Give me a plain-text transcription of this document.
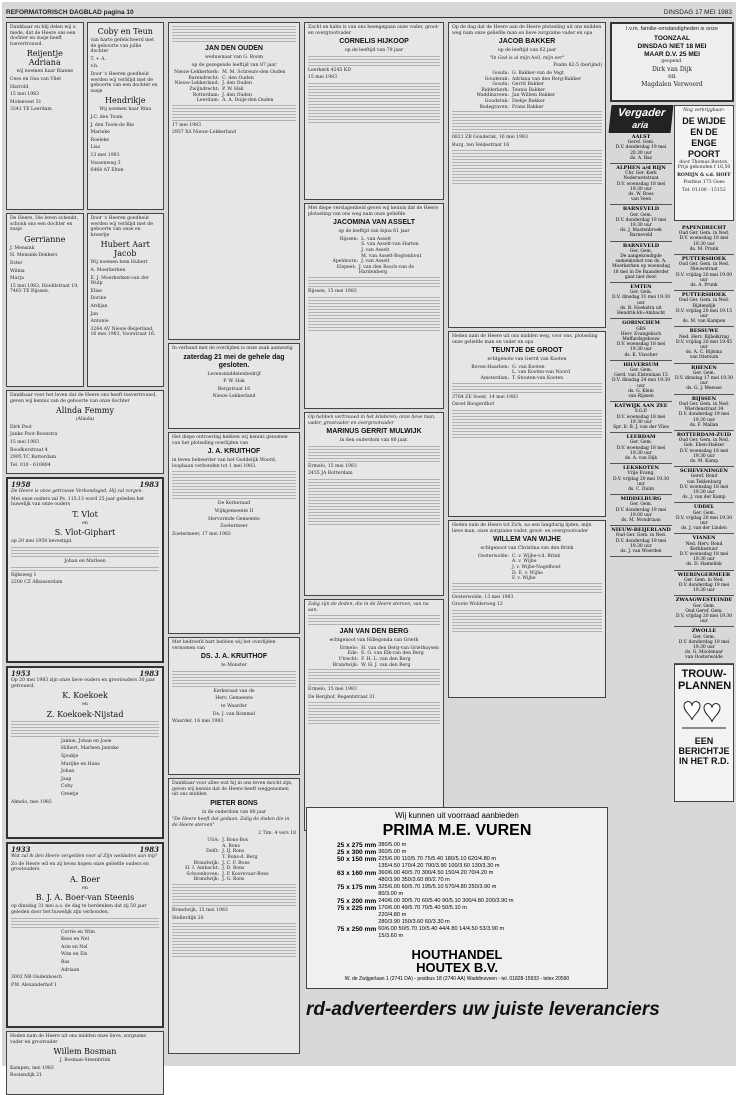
REFORMATORISCH DAGBLAD pagina 10	DINSDAG 17 MEI 1983

Dankbaar en blij delen wij u mede, dat de Heere ons een dochter en zusje heeft toevertrouwd.

Reijentje Adriana

wij noemen haar Rianne

Cees en Gea van Vliet

Harrold

15 mei 1983

Molenvest 31

3341 TE Leerdam

Coby en Teun

van harte gefeliciteerd met de geboorte van jullie dochter

T. + A.

v.h.

Door 's Heeren goedheid werden wij verblijd met de geboorte van een dochter en zusje

Hendrikje

Wij noemen haar Rina

J.C. den Toom

J. den Toom-de Bie

Marieke

Roeleke

Lisa

13 mei 1983

Vossenweg 3

6468 AT Elten

De Heere, Die leven schenkt, schonk ons een dochter en zusje

Gerrianne

J. Mensink

H. Mensink-Dekkers

Ester

Wilma

Marja

15 mei 1983, Hoofdstraat 19, 7463 TE Rijssen.

Door 's Heeren goedheid werden wij verblijd met de geboorte van onze en broertje

Hubert Aart Jacob

Wij noemen hem Hubert

A. Moerkerken

E. J. Moerkerken-van der Wulp

Elise

Dorine

Ardijan

Jan

Antonie

3264 AV Nieuw-Beijerland, 16 mei 1983, Voorstraat 16.

Dankbaar voor het leven dat de Heere ons heeft toevertrouwd, geven wij kennis van de geboorte van onze dochter

Alinda Femmy

(Alinda)

Dirk Poot

Janke Poot-Boonstra

15 mei 1983

Roodkerstraat 4

2995 TC Rotterdam

Tel. 010 - 610804

1958	1983

De Heere is onze getrouwe Verbondsgod, Hij zal zorgen.

Met onze ouders zal Ps. 115:13 word 25 jaar geleden het huwelijk van onze ouders

T. Vlot
en
S. Vlot-Giphart

op 20 mei 1958 bevestigd.

Johan en Marleen

Rijksweg 1

2200 CZ Albasserdam

1953	1983

Op 20 mei 1983 zijn onze lieve ouders en grootouders 30 jaar getrouwd.

K. Koekoek
en
Z. Koekoek-Nijstad

Jaimie, Johan en Josie

Hilbert, Marleen Jantske

Sjoukje

Marijke en Hans

Johan

Jaap

Coby

Greetje

Almelo, mei 1983

1933	1983

Wat zal ik den Heere vergelden voor al Zijn weldaden aan mij?

Zo de Heere wil en zij leven hopen onze geliefde ouders en grootouders

A. Boer
en
B. J. A. Boer-van Steenis

op dinsdag 31 mei a.s. de dag te herdenken dat zij 50 jaar geleden door het huwelijk zijn verbonden.

Corrie en Wim

Kees en Nel

Arie en Nel

Wim en Els

Bas

Adriaan

3002 NB Oudenbosch

P.W. Alexanderhof 1

Heden nam de Heere uit ons midden onze lieve, zorgzame vader en grootvader

Willem Bosman

J. Bosman-Steenbrink

Kampen, mei 1983

Rooiendijk 21

JAN DEN OUDEN

weduwnaar van G. Boom

op de gezegende leeftijd van 87 jaar

Nieuw-Lekkerkerk: M. M. Schreurs-den Ouden
Barendrecht: C. den Ouden
Nieuw-Lekkerland: J. den Ouden
Zwijndrecht: P. W. Hak
Rotterdam: J. den Ouden
Leerdam: A. A. Duijs-den Ouden

17 mei 1983

2957 XA Nieuw-Lekkerland

In verband met de overlijden is onze zaak aanwezig

zaterdag 21 mei de gehele dag gesloten.

Levensmiddelenbedrijf

P. W. Hak

Bergstraat 16

Nieuw-Lekkerland

Het diepe ontroering hebben wij kennis genomen van het plotseling overlijden van

J. A. KRUITHOF

in leven beheerder van het Goddelijk Woord, loopbaan verbonden tot 1 mei 1983.

De Kerkeraad

Wijkgemeente II

Hervormde Gemeente

Zoetermeer

Zoetermeer, 17 mei 1983

Met bedroefd hart hebben wij het overlijden vernomen van

DS. J. A. KRUITHOF

te Monster

Kerkeraad van de

Herv. Gemeente

te Waarder

Ds. J. van Bommel

Waarder, 16 mei 1983

Dankbaar voor alles wat hij in ons leven mocht zijn, geven wij kennis dat de Heere heeft weggenomen uit ons midden

PIETER BONS

in de ouderdom van 80 jaar

"De Heere heeft dat gedaan. Zalig de doden die in de Heere sterven"

2 Tim. 4 vers 18

USA: J. Bons-Bos
A. Bons
Delft: J. IJ. Bons
T. Bons-d. Berg
Brandwijk: J. C. F. Bons
H. I. Ambacht: J. D. Bons
Schoonhoven: J. P. Koorevaar-Bons
Brandwijk: J. G. Bons

Brandwijk, 15 mei 1983

Stellerdijk 20

Zacht en kalm is van ons heengegaan onze vader, groot- en overgrootvader

CORNELIS HIJKOOP

op de leeftijd van 79 jaar

Leerkerk 4245 KD

15 mei 1983

Met diepe verslagenheid geven wij kennis dat de Heere plotseling van ons weg nam onze geliefde

JACOMINA VAN ASSELT

op de leeftijd van bijna 61 jaar

Rijssen: L. van Asselt
S. van Asselt-van Harten
J. van Asselt
M. van Asselt-Bogtenhout
Apeldoorn: J. van Asselt
Elspeet: J. van den Bosch-van de Hardenberg

Rijssen, 15 mei 1983

Op hebben vertrouwd in het kinderen; onze lieve man, vader, grootvader en overgrootvader

MARINUS GERRIT MULWIJK

in den ouderdom van 80 jaar.

Ermelo, 15 mei 1983

2455 JA Rotterdam

Zalig zijn de doden, die in de Heere sterven, van nu aan.

JAN VAN DEN BERG

echtgenoot van Hillegonda van Grieth

Ermelo: H. van den Berg-van Griethuysen
Ede: E. G. van Elk-van den Berg
Utrecht: F. H. L. van den Berg
Brandwijk: W. H. J. van den Berg

Ermelo, 15 mei 1983

De Berghof, Regentstraat 31

Op de dag dat de Heere aan de Heere plotseling uit ons midden weg nam onze geliefde man en lieve zorgzame vader en opa

JACOB BAKKER

op de leeftijd van 62 jaar

"In God is al mijn heil, mijn eer"

Psalm 62:5 (berijmd)

Gouda: G. Bakker-van de Vegt
Gouderak: Adriana van den Berg-Bakker
Gouda: Gerrit Bakker
Ridderkerk: Teunis Bakker
Waddinxveen: Jan Willem Bakker
Gouderak: Diekje Bakker
Bodegraven: Frans Bakker

6821 ZB Gouderak, 16 mei 1983

Burg. ten Veldestraat 16

Heden nam de Heere uit ons midden weg, voor ons, plotseling onze geliefde man en vader en opa

TEUNTJE DE GROOT

echtgenote van Gerrit van Kooten

Boven-Haarlem: G. van Kooten
L. van Kooten-van Noord
Amsterdam: T. Stouten-van Kooten

3764 ZE Soest, 14 mei 1983

Ozoet Boogerdhof

Heden nam de Heere tot Zich, na een langdurig lijden, mijn lieve man, onze zorgzame vader, groot- en overgrootvader

WILLEM VAN WIJHE

echtgenoot van Christina van den Brink

Oosterwolde: C. v. Wijhe-v.d. Brink
A. v. Wijhe
J. v. Wijhe-Nagelhout
D. E. v. Wijhe
F. v. Wijhe

Oosterwolde, 13 mei 1983

Groote Wolderweg 12

Wij kunnen uit voorraad aanbieden
PRIMA M.E. VUREN
25 x 275 mm	380/5.00 m
25 x 300 mm	360/5.00 m
50 x 150 mm	225/6.00 110/5.70 75/5.40 180/5.10 620/4.80 m
	135/4.50 170/4.20 700/3.90 100/3.60 130/3.30 m
63 x 160 mm	360/6.00 40/5.70 300/4.50 150/4.20 70/4.20 m
	480/3.90 350/3.60 80/2.70 m
75 x 175 mm	325/6.00 60/5.70 195/5.10 570/4.80 250/3.90 m
	80/3.00 m
75 x 200 mm	240/6.00 30/5.70 60/5.40 90/5.10 300/4.80 200/3.90 m
75 x 225 mm	170/6.00 49/5.70 70/5.40 50/5.10 m
	220/4.80 m
	280/3.90 150/3.60 60/3.30 m
75 x 250 mm	60/6.00 50/5.70 10/5.40 44/4.80 14/4.50 53/3.90 m
	15/3.60 m
HOUTHANDEL
HOUTEX B.V.
W. de Zwijgerlaan 1 (2741 DA) - postbus 18 (2740 AA) Waddinxveen - tel. 01828-15933 - telex 20590

I.v.m. familie-omstandigheden is onze

TOONZAAL
DINSDAG NIET 18 MEI
MAAR D.V. 25 MEI

geopend.

Dirk van Dijk

en

Magdalen Verwoerd

Vergader
aria
AALST
Geref. Gem.
D.V. donderdag 19 mei 20.30 uur
ds. A. Baz
ALPHEN a/d RIJN
Chr. Ger. Kerk
Nederwetstraat
D.V. woensdag 18 mei 19.30 uur
ds. W. Roos
van Veen
BARNEVELD
Ger. Gem.
D.V. donderdag 19 mei 19.30 uur
ds. J. Mastenbroek
Barneveld
BARNEVELD
Ger. Gem.
De aangekondigde samenkomst van ds. A. Moerkerken op woensdag 18 mei in De Baanderder gaat niet door.
EMTEN
Ger. Gem.
D.V. dinsdag 31 mei 19.30 uur
ds. B. Hoekstra uit
Hendrik-Ido-Ambacht
GORINCHEM
GBS
Herv. Evangelisch
Meffardsgebouw
D.V. woensdag 18 mei 19.30 uur
ds. K. Visscher
HILVERSUM
Ger. Gem.
Gerd. van Elstenlaan 15
D.V. dinsdag 24 mei 19.30 uur
ds. G. Klein
van Rijssen
KATWIJK AAN ZEE
S.G.P.
D.V. woensdag 18 mei 19.30 uur
Spr. Ir. B. J. van der Vlies
LEERDAM
Ger. Gem.
D.V. woensdag 18 mei 19.30 uur
ds. A. van Dijk
LEKSKOTEN
Vrije Evang.
D.V. vrijdag 20 mei 19.30 uur
ds. C. Duim
MIDDELBURG
Ger. Gem.
D.V. donderdag 19 mei 19.00 uur
ds. M. Mondriaan
NIEUW-BEIJERLAND
Oud Ger. Gem. in Ned.
D.V. donderdag 19 mei 19.30 uur
ds. J. van Woerden

Nog verkrijgbaar:

DE WIJDE
EN DE
ENGE
POORT

door Thomas Boston. Prijs gebonden f 16,50

ROMIJN & v.d. HOFF

Postbus 173 Goes

Tel. 01100 - 15152

PAPENDRECHT
Oud Ger. Gem. in Ned.
D.V. woensdag 18 mei 19.30 uur
ds. M. Prunk
PUTTERSHOEK
Oud Ger. Gem. in Ned.
Nieuwstraat
D.V. vrijdag 20 mei 19.00 uur
ds. A. Prunk
PUTTERSHOEK
Oud Ger. Gem. in Ned.
Bijdendijk
D.V. vrijdag 20 mei 19.15 uur
ds. M. van Kampen
RESSUWE
Ned. Herv. Bijbelkring
D.V. vrijdag 20 mei 19.45 uur
ds. A. C. Bijlsma
van Ittersum
RHENEN
Ger. Gem.
D.V. dinsdag 17 mei 19.30 uur
ds. G. J. Meeuse
RIJSSEN
Oud Ger. Gem. in Ned.
Wierdenstraat 34
D.V. donderdag 19 mei 19.30 uur
ds. F. Mallan
ROTTERDAM-ZUID
Oud Ger. Gem. in Ned.
Geb. Eben-Haëzer
D.V. woensdag 18 mei 19.30 uur
ds. M. Kamp
SCHEVENINGEN
Geref. Bond
van Teklenburg
D.V. woensdag 18 mei 19.30 uur
ds. J. van der Kamp
UDDEL
Ger. Gem.
D.V. vrijdag 20 mei 19.30 uur
ds. J. van der Linden
VIANEN
Ned. Herv. Bond
Kerkbestuur
D.V. woensdag 18 mei 19.30 uur
ds. D. Hamelink
WIERINGERMEER
Ger. Gem. in Ned.
D.V. donderdag 19 mei 19.30 uur
ZWAAGWESTEINDE
Ger. Gem.
Oud Geref. Gem.
D.V. vrijdag 20 mei 19.30 uur
ZWOLLE
Ger. Gem.
D.V. donderdag 19 mei 19.30 uur
ds. G. Moolenaar
van Oosterwolde
TROUW-
PLANNEN
EEN
BERICHTJE
IN HET R.D.
rd-adverteerders uw juiste leveranciers
